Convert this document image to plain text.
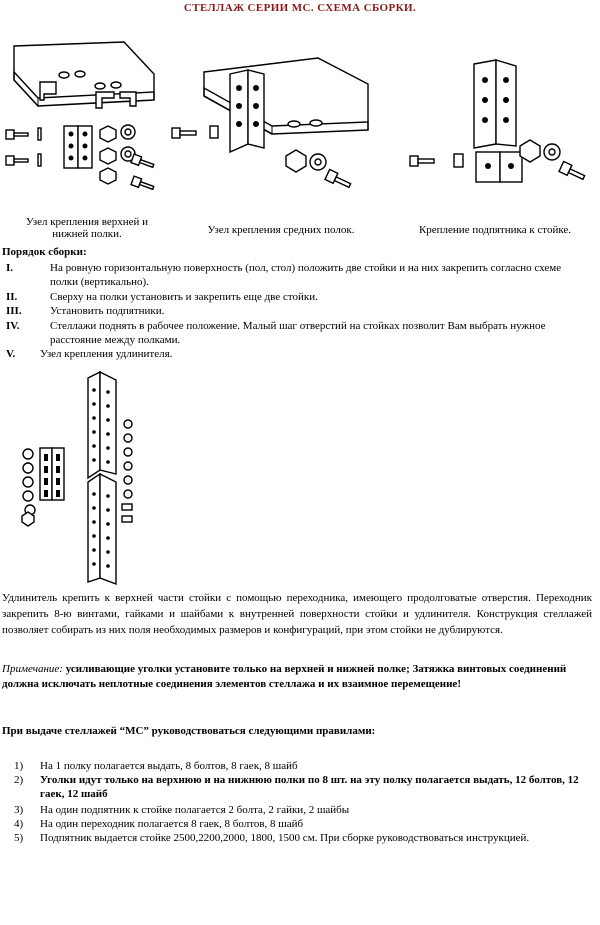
СТЕЛЛАЖ СЕРИИ МС. СХЕМА СБОРКИ.
Узел крепления верхней и нижней полки.	Узел крепления средних полок.	Крепление подпятника к стойке.
Порядок сборки:
I.	На ровную горизонтальную поверхность (пол, стол) положить две стойки и на них закрепить согласно схеме полки (вертикально).
II.	Сверху на полки установить и закрепить еще две стойки.
III.	Установить подпятники.
IV.	Стеллажи поднять в рабочее положение. Малый шаг отверстий на стойках позволит Вам выбрать нужное расстояние между полками.
V. Узел крепления удлинителя.
Удлинитель крепить к верхней части стойки с помощью переходника, имеющего продолговатые отверстия. Переходник закрепить 8-ю винтами, гайками и шайбами к внутренней поверхности стойки и удлинителя. Конструкция стеллажей позволяет собирать из них поля необходимых размеров и конфигураций, при этом стойки не дублируются.
Примечание: усиливающие уголки установите только на верхней и нижней полке; Затяжка винтовых соединений должна исключать неплотные соединения элементов стеллажа и их взаимное перемещение!
При выдаче стеллажей “МС” руководствоваться следующими правилами:
1) На 1 полку полагается выдать, 8 болтов, 8 гаек, 8 шайб
2) Уголки идут только на верхнюю и на нижнюю полки по 8 шт. на эту полку полагается выдать, 12 болтов, 12 гаек, 12 шайб
3) На один подпятник к стойке полагается 2 болта, 2 гайки, 2 шайбы
4) На один переходник полагается 8 гаек, 8 болтов, 8 шайб
5) Подпятник выдается стойке 2500,2200,2000, 1800, 1500 см. При сборке руководствоваться инструкцией.
